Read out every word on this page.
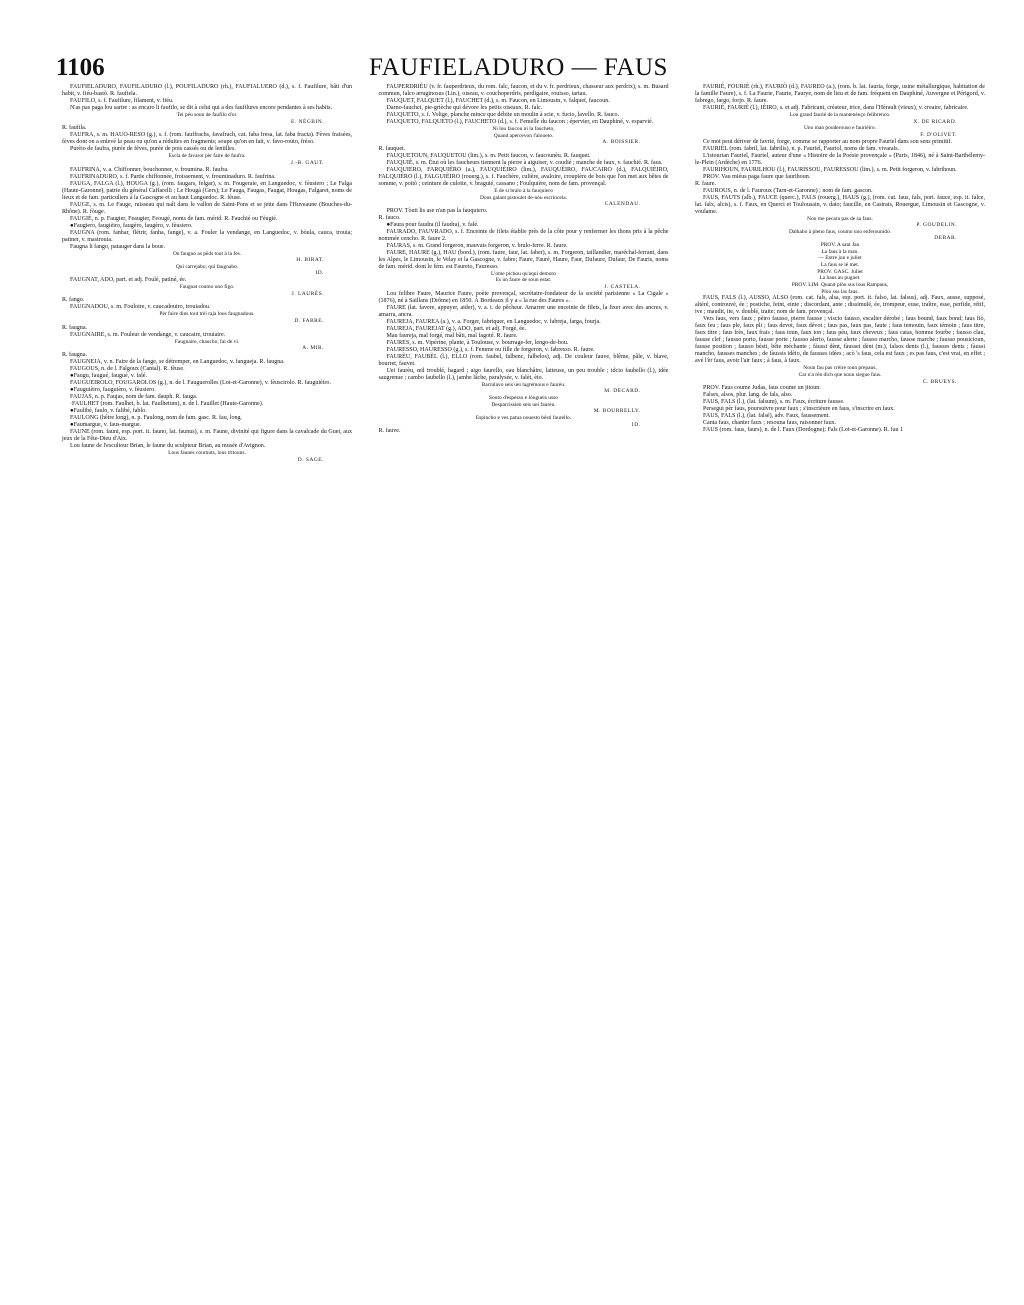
1106	FAUFIELADURO — FAUS

FAUFIELADURO, FAUFILADURO (l.), POUFILADURO (rh.), FAUFIALUERO (d.), s. f. Faufilure, bâti d'un habit, v. fiéu-bastò. R. faufiela.

FAUFILO, s. f. Faufilure, filament, v. fiéu.

N'as pas paga lou sartre : as encaro li faufilo, se dit à celui qui a des faufilures encore pendantes à ses habits.

Tei péu soun de faufilo d'or.

E. NÉGBIN.

R. faufila.

FAUFRA, s. m. HAUO-RESO (g.), s. f. (rom. fauffrachs, favafrach, cat. faba fresa, lat. faba fracta). Fèves fraisées, fèves dont on a enlevé la peau ou qu'on a réduites en fragments; soupe qu'on en fait, v. favo-routo, frèso.

Purèio de faufra, purée de fèves, purée de pois cassés ou de lentilles.

Escla de favarot pèr faire de faufra.

J.-B. GAUT.

FAUFRINA, v. a. Chiffonner, bouchonner, v. froumina. R. faufra.

FAUFRINADURO, s. f. Partie chiffonnée, froissement, v. frouminaduro. R. faufrina.

FAUGA, FALGA (l.), HOUGA (g.), (rom. faugars, felgar), s. m. Fougeraie, en Languedoc, v. fèusiero ; Le Falga (Haute-Garonne), patrie du général Caffarelli ; Le Hougà (Gers); Le Fauga, Faugas, Faugat, Hougas, Falgaret, noms de lieux et de fam. particuliers à la Gascogne et au haut Languedoc. R. fèuse.

FAUGE, s. m. Le Fauge, ruisseau qui naît dans le vallon de Saint-Pons et se jette dans l'Huveaune (Bouches-du-Rhône). R. fòuge.

FAUGIÉ, n. p. Faugier, Feaugier, Feougé, noms de fam. mérid. R. Fauchié ou Fèugié.

●Faugiero, faugièiro, faugèro, faugèro, v. fèusiero.

FAUGNA (rom. fanhar, flétrir, fanha, fange), v. a. Fouler la vendange, en Languedoc, v. bòula, cauca, trouia; patiner, v. mastrouia.

Faugna li fango, patauger dans la boue.

On faugno as pèds tout à la fes.

H. BIRAT.

Qui carrejabo, qui faugnabo.

ID.

FAUGNAT, ADO, part. et adj. Foulé, patiné, ée.

Faugnat coumo uno figo.

J. LAURÈS.

R. fango.

FAUGNADOU, s. m. Fouloire, v. caucadouiro, trouiadou.

Pèr faire dins tout trèi raja lous faugnadous.

D. FABRE.

R. faugna.

FAUGNAIRE, s. m. Fouleur de vendange, v. caucaire, trouiaire.

Faugnaire, chaucho, fai de vi.

A. MIR.

R. faugna.

FAUGNEJA, v. n. Faire de la fange, se détremper, en Languedoc, v. fangueja. R. faugna.

FAUGOUS, n. de l. Falgoux (Cantal). R. fèuse.

●Faugu, faugué, faugué, v. falé.

FAUGUEIROLO, FOUGAROLOS (g.), n. de l. Fauguerolles (Lot-et-Garonne), v. fèuscirolo. R. fauguièiro.

●Fauguièiro, fauguièro, v. fèusiero.

FAUJAS, n. p. Faujas, nom de fam. dauph. R. fauga.

·FAULHET (rom. Faulhet, b. lat. Faulhetum), n. de l. Fauillet (Haute-Garonne).

●Faulibé, faulo, v. falibé, fablo.

FAULONG (hêtre long), n. p. Faulong, nom de fam. gasc. R. fau, long.

●Faumargue, v. faus-margue.

FAUNE (rom. fauni, esp. port. it. fauno, lat. faunus), s. m. Faune, divinité qui figure dans la cavalcade du Guet, aux jeux de la Fête-Dieu d'Aix.

Lou faune de l'escultour Brian, le faune du sculpteur Brian, au musée d'Avignon.

Lous faunes cournuts, lous tritouns.

D. SAGE.

FAUPERDRIÉU (v. fr. fauperdrieux, du rom. falc, faucon, et du v. fr. perdrieux, chasseur aux perdrix), s. m. Busard commun, falco æruginosus (Lin.), oiseau, v. couchoperdris, perdigaire, rouisso, tartau.

FAUQUET, FALQUET (l.), FAUCHET (d.), s. m. Faucon, en Limousin, v. falquet, faucoun.

Darno-fauchet, pie-grièche qui dévore les petits oiseaux. R. falc.

FAUQUETO, s. f. Volige, planche mince que débite un moulin à scie, v. fucio, lavello. R. fauco.

FAUQUETO, FALQUETO (l.), FAUCHETO (d.), s. f. Femelle du faucon ; épervier, en Dauphiné, v. esparvié.

Ni lou faucou ni la faucheto,

Quand apercevon l'aloueto.

A. BOISSIER.

R. fauquet.

FAUQUETOUN, FAUQUETOU (lim.), s. m. Petit faucon, v. faucounèu. R. fauquet.

FAUQUIÉ, s. m. Étui où les faucheurs tiennent la pierre à aiguiser, v. coudié ; manche de faux, v. fauchié. R. faus.

FAUQUIERO, FARQUIÈRO (a.), FAUQUIÈIRO (lim.), FAUQUÈIRO, FAUCAIRO (d.), FALQUIÈIRO, FALQUIÈRO (l.), FALGUIÈIRO (rouerg.), s. f. Fauchère, culière, avaloire, croupière de bois que l'on met aux bêtes de somme, v. poitò ; ceinture de culotte, v. braguié, cassano ; Foulquière, nom de fam. provençal.

E de si bralo à la fauquiero

Dous galant pistoulet de-nòu escrincela.

CALENDAU.

PROV. Tòuti lis ase n'an pas la fauquiero.

R. fauco.

●Faura pour faudra (il faudra), v. falé.

FAURADO, FAUVRADO, s. f. Enceinte de filets établie près de la côte pour y renfermer les thons pris à la pêche nommée cencho. R. faure 2.

FAURAS, s. m. Grand forgeron, mauvais forgeron, v. brulo-ferre. R. faure.

FAURE, HAURE (g.), HAU (bord.), (rom. faure, faur, lat. faber), s. m. Forgeron, taillandier, maréchal-ferrant, dans les Alpes, le Limousin, le Velay et la Gascogne, v. fabre; Faure, Fauré, Haure, Faur, Dufaure, Dufaur, De Fauris, noms de fam. mérid. dont le fém. est Faureto, Fauresso.

L'ome pichou qu'aqui demoro

Es un faure de soun estat.

J. CASTELA.

Lou felibre Faure, Maurice Faure, poète provençal, secrétaire-fondateur de la société parisienne « La Cigale » (1876), né à Saillans (Drôme) en 1850. À Bordeaux il y a « la rue des Faures ».

FAURE (lat. favere, appuyer, aider), v. a. t. de pêcheur. Amarrer une enceinte de filets, la fixer avec des ancres, v. amarra, ancra.

FAUREJA, FAUREA (a.), v. a. Forger, fabriquer, en Languedoc, v. fabreja, farga, fourja.

FAUREJA, FAUREJAT (g.), ADO, part. et adj. Forgé, ée.

Mau faureja, mal forgé, mal bâti, mal fagoté. R. faure.

FAURES, s. m. Vipérine, plante, à Toulouse, v. bourrage-fer, lengo-de-bou.

FAURESSO, HAURESSO (g.), s. f. Femme ou fille de forgeron, v. fabresso. R. faure.

FAURÈU, FAUBÈL (l.), ELLO (rom. faubel, falbenc, falbelos), adj. De couleur fauve, blême, pâle, v. blave, bourret, fauvet.

Uei faurèu, œil troublé, hagard ; aigo faurello, eau blanchâtre, laiteuse, un peu trouble ; idcio faubello (l.), idée saugrenue ; cambo faubello (l.), jambe lâche, paralysée, v. falèt, èto.

Barrulavo seis uei lagremous e faurèu.

M. DECARD.

Souto d'espesso e lòngueis usso

Desparcissien seis uei faurèu.

M. BOURRELLY.

Espincho e ves patua nouesto bèsti faurello.

ID.

R. fauve.

FAURIÉ, FOURIÈ (rh.), FAURIÒ (d.), FAUREO (a.), (rom. b. lat. fauria, forge, usine métallurgique, habitation de la famille Faure), s. f. La Faurie, Faurie, Faurye, nom de lieu et de fam. fréquent en Dauphiné, Auvergne et Périgord, v. fabrego, fargo, forjo. R. faure.

FAURIÉ, FAURIÈ (l.), IÈIRO, s. et adj. Fabricant, créateur, trice, dans l'Hérault (vieux), v. creaire, fabricaire.

Lou grand faurié de la mantenènço felibrenco.

X. DE RICARD.

Uno man pouderouso e fauriéiro.

F. D'OLIVET.

Ce mot peut dériver de favrié, forge, comme se rapporter au nom propre Fauriel dans son sens primitif.

FAURIEL (rom. fabril, lat. fabrilis), n. p. Fauriel, Fauriol, noms de fam. vivarais.

L'istourian Fauriel, Fauriel, auteur d'une « Histoire de la Poésie provençale » (Paris, 1846), né à Saint-Barthélemy-le-Plein (Ardèche) en 1776.

FAURIHOUN, FAURILHOU (l.), FAURISSOU, FAURESSOU (lim.), s. m. Petit forgeron, v. fabrihoun.

PROV. Vau miéus paga faure que faurihoun.

R. faure.

FAUROUS, n. de l. Fauroux (Tarn-et-Garonne) ; nom de fam. gascon.

FAUS, FAUTS (alb.), FAUCE (querc.), FALS (rouerg.), HAUS (g.), (rom. cat. faus, fals, port. fauce, esp. it. falce, lat. falx, alcis), s. f. Faux, en Querci et Toulousain, v. daio; faucille, en Castrais, Rouergue, Limousin et Gascogne, v. voulame.

Nou me pecara pas de sa faus.

P. GOUDELIN.

Dalhabo à pleno faus, coumo uno enferounido.

DEBAR.

PROV. A sant Jan

La faus à la man.

— Entre jun e juliet

La faus se ié met.

PROV. GASC. Juliet

La haus au pugnet.

PROV. LIM. Quand plòu sus lous Rampaus,

Plòu sus las faus.

FAUS, FALS (l.), AUSSO, ALSO (rom. cat. fals, alsa, esp. port. it. falso, lat. falsus), adj. Faux, ausse, supposé, altéré, controuvé, ée ; postiche, feint, einte ; discordant, ante ; dissimulé, ée, trompeur, euse, traître, esse, perfide, rétif, ive ; maudit, ite, v. doublé, traite; nom de fam. provençal.

Vers faus, vers faux ; pèiro fausso, pierre fausse ; viscio fausso, escalier dérobé ; faus bound, faux bond; faus fiò, faux feu ; faus ple, faux pli ; faus devot, faux dévot ; faus pas, faux pas, faute ; faus temouin, faux témoin ; faus titre, faux titre ; faus frès, faux frais ; faus toun, faux ton ; faus pèu, faux cheveux ; faus catas, homme fourbe ; fausso clau, fausse clef ; fausso porto, fausse porte ; fausso alerto, fausse alerte ; fausso marcho, fausse marche ; fausso pousicioun, fausse position ; fausso bèsti, bête méchante ; fàussi dènt, fàussei dènt (m.), falsos dents (l.), fausses dents ; fàussi mancho, fausses manches ; de fàussis idèio, de fausses idées ; acò 's faus, cela est faux ; es pas faus, c'est vrai, en effet ; avé l'èr faus, avoir l'air faux ; à faus, à faux.

Noun fau pas crèire toun prepaus,

Car n'a rèn dich que noun siegue faus.

C. BRUEYS.

PROV. Faus coume Judas, faus coume un jitoun.

Falses, alsos, plur. lang. de fals, also.

FAUS, FALS (l.), (lat. falsum), s. m. Faux, écriture fausse.

Persegui pèr faus, poursuivre pour faux ; s'inscriéure en faus, s'inscrire en faux.

FAUS, FALS (l.), (lat. falsè), adv. Faux, faussement.

Canta faus, chanter faux ; resouna faus, raisonner faux.

FAUS (rom. faus, faurs), n. de l. Faux (Dordogne); Fals (Lot-et-Garonne). R. fau 1
